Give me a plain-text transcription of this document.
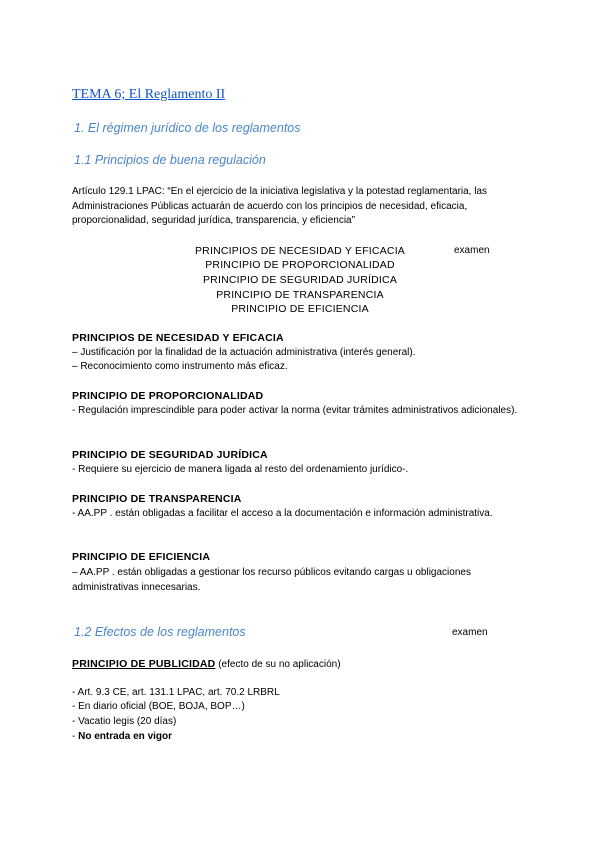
TEMA 6; El Reglamento II
1. El régimen jurídico de los reglamentos
1.1 Principios de buena regulación
Artículo 129.1 LPAC: “En el ejercicio de la iniciativa legislativa y la potestad reglamentaria, las Administraciones Públicas actuarán de acuerdo con los principios de necesidad, eficacia, proporcionalidad, seguridad jurídica, transparencia, y eficiencia”
PRINCIPIOS DE NECESIDAD Y EFICACIA	examen
PRINCIPIO DE PROPORCIONALIDAD
PRINCIPIO DE SEGURIDAD JURÍDICA
PRINCIPIO DE TRANSPARENCIA
PRINCIPIO DE EFICIENCIA
PRINCIPIOS DE NECESIDAD Y EFICACIA
– Justificación por la finalidad de la actuación administrativa (interés general).
– Reconocimiento como instrumento más eficaz.
PRINCIPIO DE PROPORCIONALIDAD
- Regulación imprescindible para poder activar la norma (evitar trámites administrativos adicionales).
PRINCIPIO DE SEGURIDAD JURÍDICA
- Requiere su ejercicio de manera ligada al resto del ordenamiento jurídico-.
PRINCIPIO DE TRANSPARENCIA
- AA.PP . están obligadas a facilitar el acceso a la documentación e información administrativa.
PRINCIPIO DE EFICIENCIA
– AA.PP . están obligadas a gestionar los recurso públicos evitando cargas u obligaciones administrativas innecesarias.
1.2 Efectos de los reglamentos	examen
PRINCIPIO DE PUBLICIDAD (efecto de su no aplicación)
- Art. 9.3 CE, art. 131.1 LPAC, art. 70.2 LRBRL
- En diario oficial (BOE, BOJA, BOP…)
- Vacatio legis (20 días)
- No entrada en vigor
